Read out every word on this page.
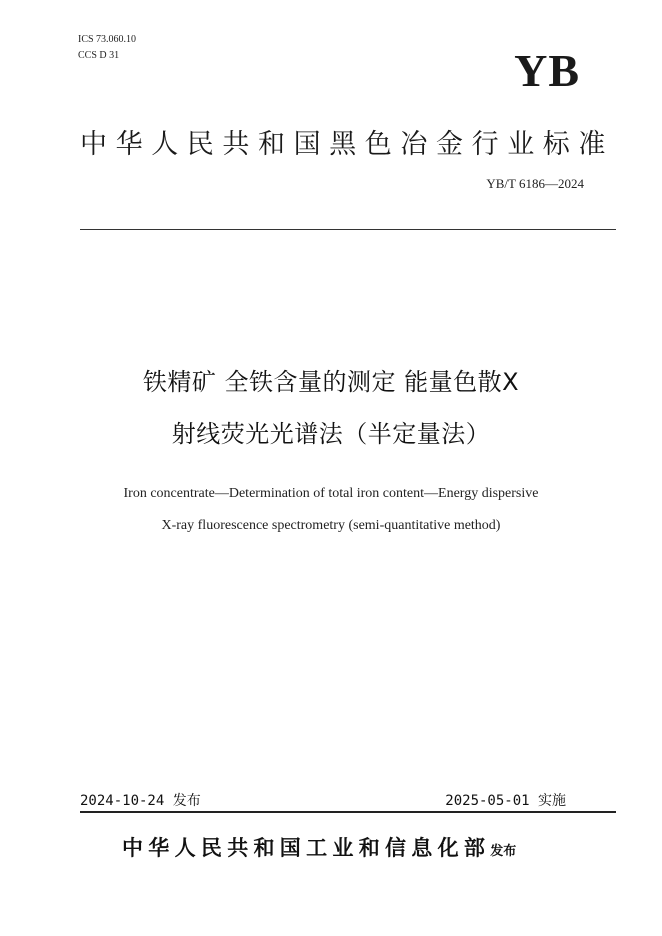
ICS 73.060.10
CCS D 31	YB
中华人民共和国黑色冶金行业标准
YB/T 6186—2024
铁精矿 全铁含量的测定 能量色散X
射线荧光光谱法（半定量法）
Iron concentrate—Determination of total iron content—Energy dispersive
X-ray fluorescence spectrometry (semi-quantitative method)
2024-10-24 发布	2025-05-01 实施
中华人民共和国工业和信息化部发布
